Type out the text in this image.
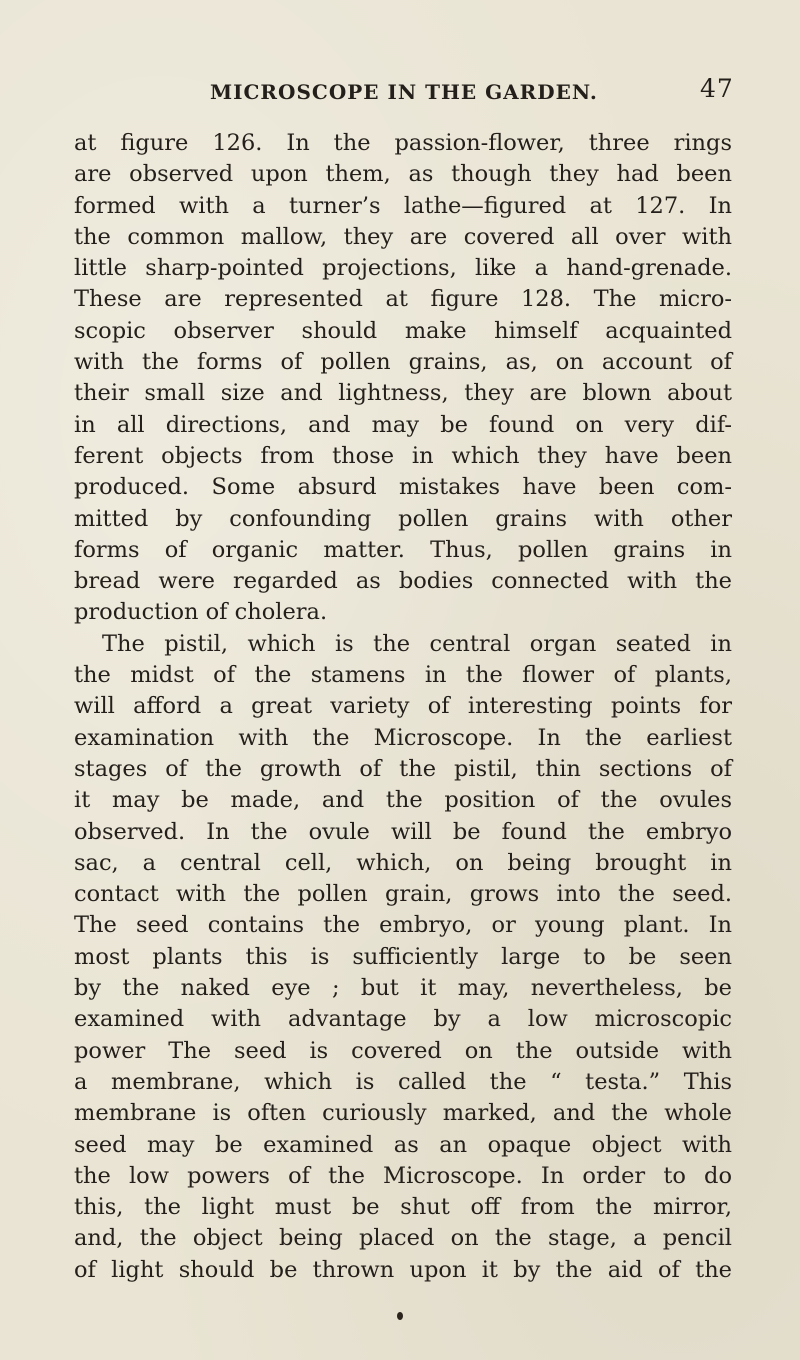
MICROSCOPE IN THE GARDEN.	47
at figure 126. In the passion-flower, three rings
are observed upon them, as though they had been
formed with a turner’s lathe—figured at 127. In
the common mallow, they are covered all over with
little sharp-pointed projections, like a hand-grenade.
These are represented at figure 128. The micro-
scopic observer should make himself acquainted
with the forms of pollen grains, as, on account of
their small size and lightness, they are blown about
in all directions, and may be found on very dif-
ferent objects from those in which they have been
produced. Some absurd mistakes have been com-
mitted by confounding pollen grains with other
forms of organic matter. Thus, pollen grains in
bread were regarded as bodies connected with the
production of cholera.
The pistil, which is the central organ seated in
the midst of the stamens in the flower of plants,
will afford a great variety of interesting points for
examination with the Microscope. In the earliest
stages of the growth of the pistil, thin sections of
it may be made, and the position of the ovules
observed. In the ovule will be found the embryo
sac, a central cell, which, on being brought in
contact with the pollen grain, grows into the seed.
The seed contains the embryo, or young plant. In
most plants this is sufficiently large to be seen
by the naked eye ; but it may, nevertheless, be
examined with advantage by a low microscopic
power The seed is covered on the outside with
a membrane, which is called the “ testa.” This
membrane is often curiously marked, and the whole
seed may be examined as an opaque object with
the low powers of the Microscope. In order to do
this, the light must be shut off from the mirror,
and, the object being placed on the stage, a pencil
of light should be thrown upon it by the aid of the
